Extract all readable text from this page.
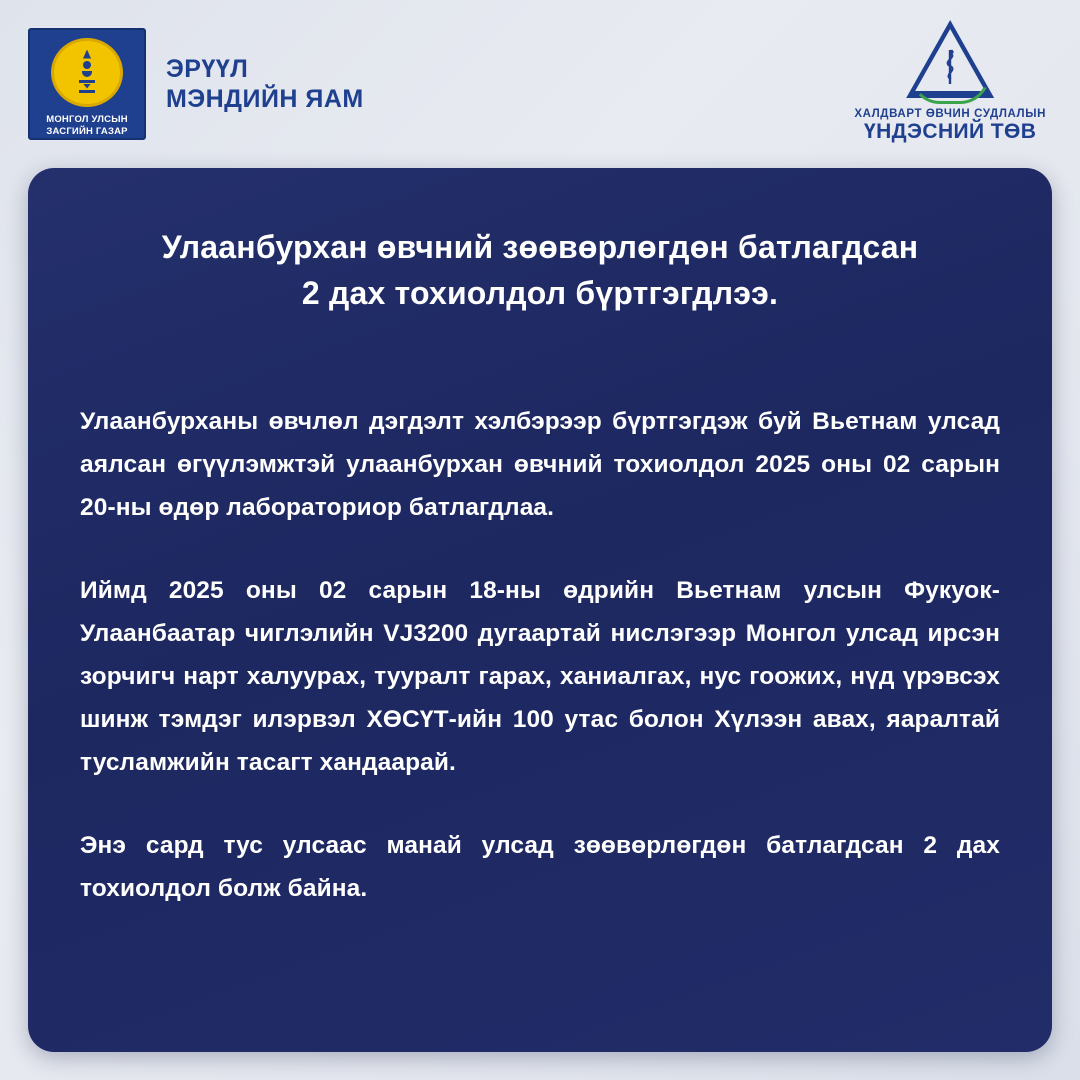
МОНГОЛ УЛСЫН
ЗАСГИЙН ГАЗАР
ЭРҮҮЛ
МЭНДИЙН ЯАМ
ХАЛДВАРТ ӨВЧИН СУДЛАЛЫН
ҮНДЭСНИЙ ТӨВ
Улаанбурхан өвчний зөөвөрлөгдөн батлагдсан
2 дах тохиолдол бүртгэгдлээ.

Улаанбурханы өвчлөл дэгдэлт хэлбэрээр бүртгэгдэж буй Вьетнам улсад аялсан өгүүлэмжтэй улаанбурхан өвчний тохиолдол 2025 оны 02 сарын 20-ны өдөр лабораториор батлагдлаа.

Иймд 2025 оны 02 сарын 18-ны өдрийн Вьетнам улсын Фукуок-Улаанбаатар чиглэлийн VJ3200 дугаартай нислэгээр Монгол улсад ирсэн зорчигч нарт халуурах, тууралт гарах, ханиалгах, нус гоожих, нүд үрэвсэх шинж тэмдэг илэрвэл ХӨСҮТ-ийн 100 утас болон Хүлээн авах, яаралтай тусламжийн тасагт хандаарай.

Энэ сард тус улсаас манай улсад зөөвөрлөгдөн батлагдсан 2 дах тохиолдол болж байна.
